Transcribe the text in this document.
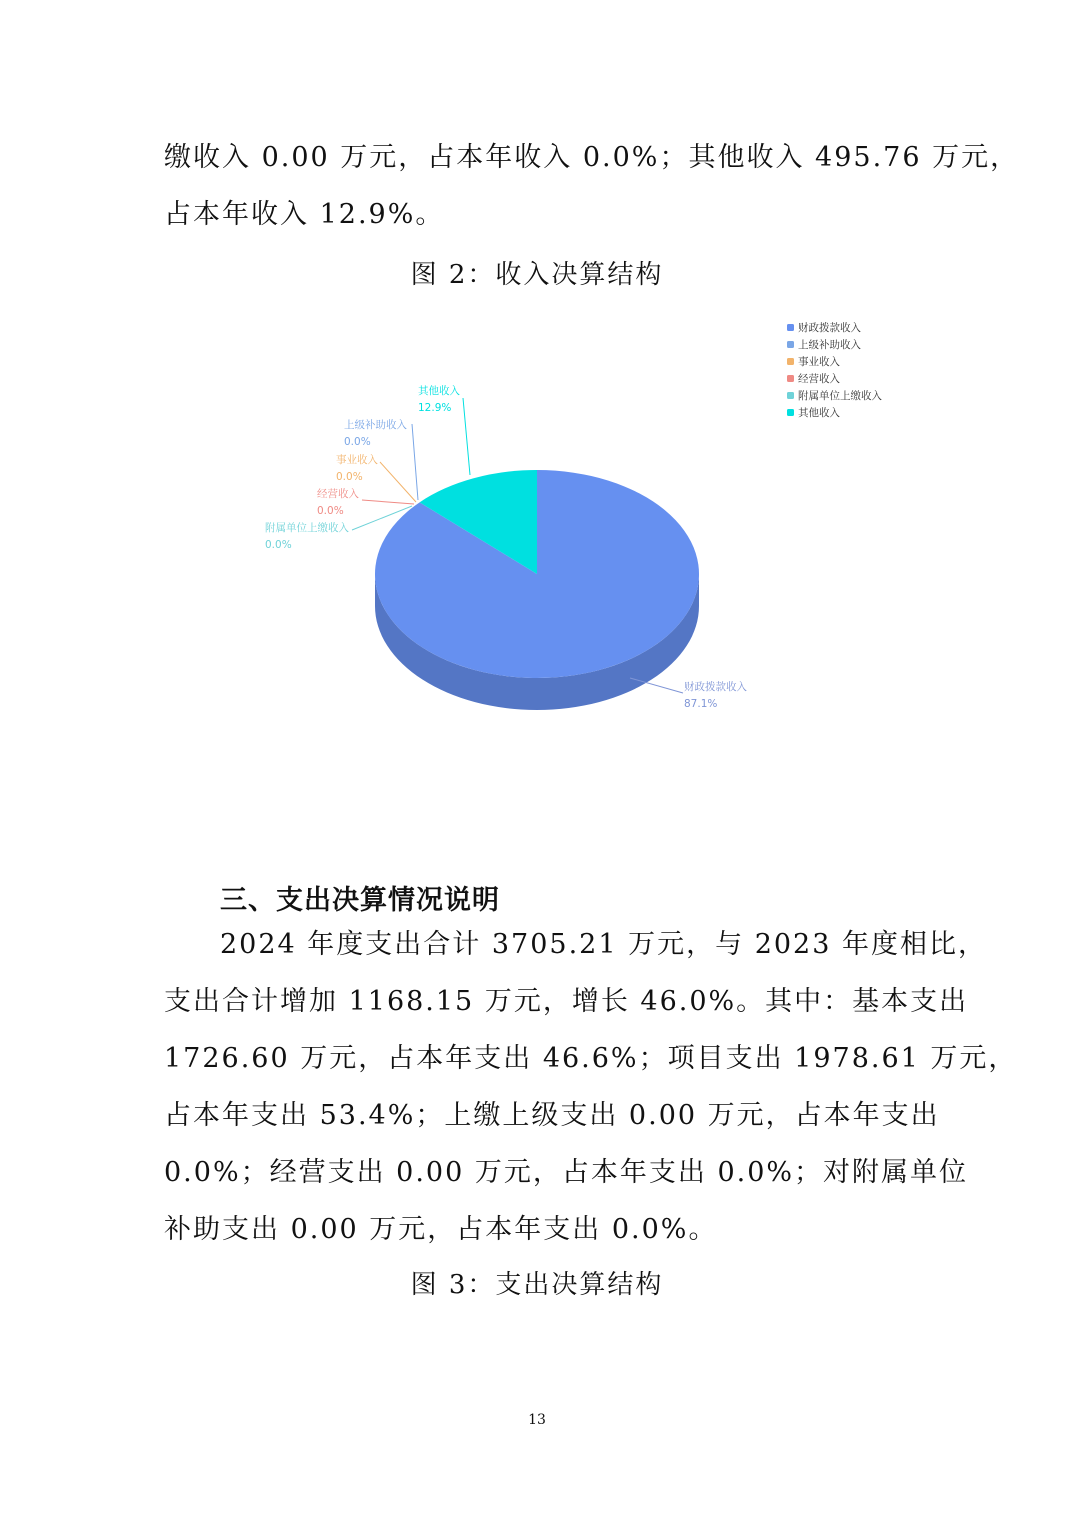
缴收入 0.00 万元，占本年收入 0.0%；其他收入 495.76 万元，

占本年收入 12.9%。

图 2：收入决算结构

财政拨款收入
87.1%
上级补助收入
0.0%
事业收入
0.0%
经营收入
0.0%
附属单位上缴收入
0.0%
其他收入
12.9%
财政拨款收入
上级补助收入
事业收入
经营收入
附属单位上缴收入
其他收入

三、支出决算情况说明

2024 年度支出合计 3705.21 万元，与 2023 年度相比，

支出合计增加 1168.15 万元，增长 46.0%。其中：基本支出

1726.60 万元，占本年支出 46.6%；项目支出 1978.61 万元，

占本年支出 53.4%；上缴上级支出 0.00 万元，占本年支出

0.0%；经营支出 0.00 万元，占本年支出 0.0%；对附属单位

补助支出 0.00 万元，占本年支出 0.0%。

图 3：支出决算结构

13
